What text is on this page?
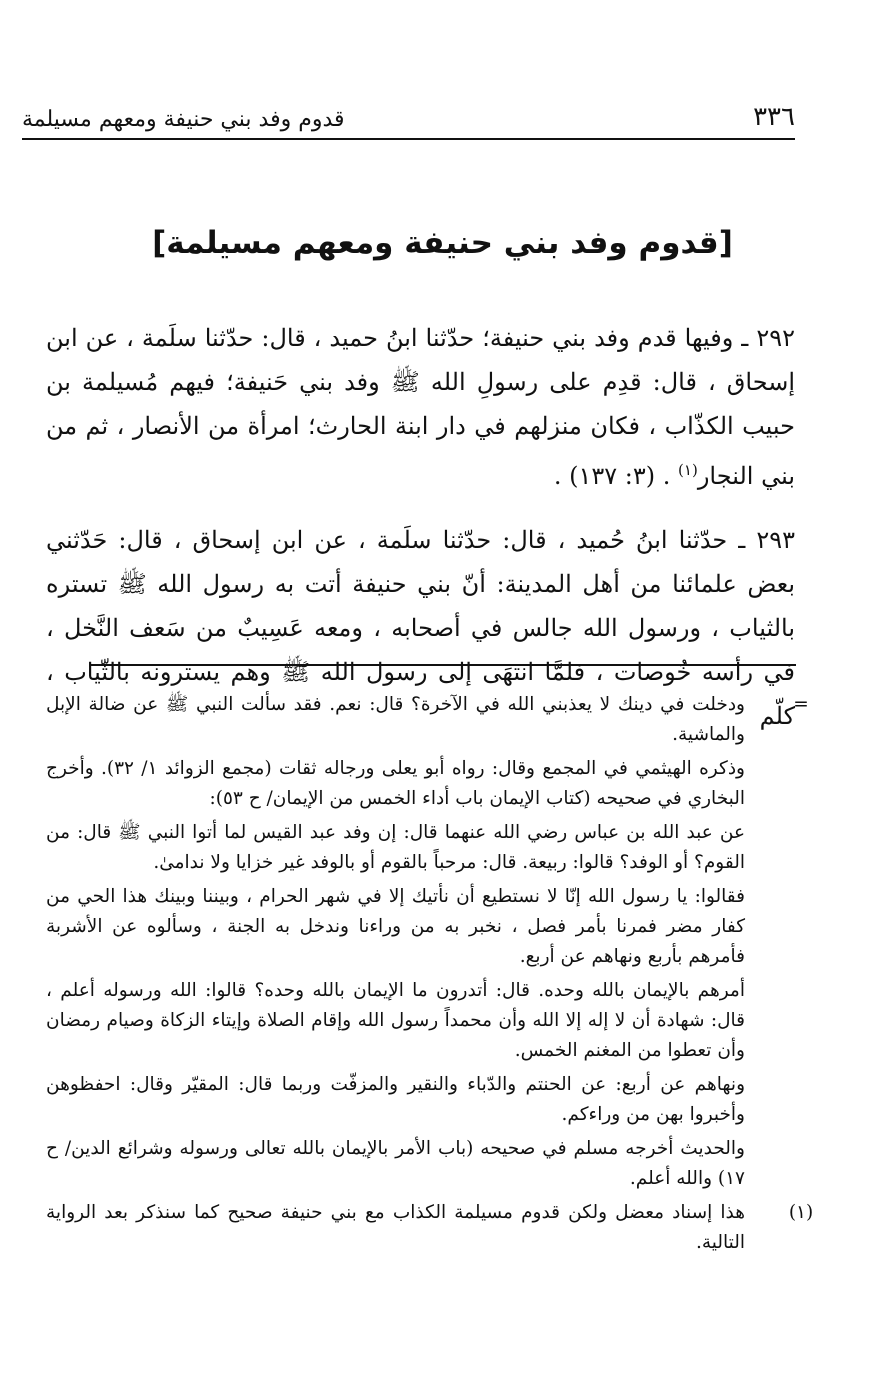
٣٣٦
قدوم وفد بني حنيفة ومعهم مسيلمة
[قدوم وفد بني حنيفة ومعهم مسيلمة]

٢٩٢ ـ وفيها قدم وفد بني حنيفة؛ حدّثنا ابنُ حميد ، قال: حدّثنا سلَمة ، عن ابن إسحاق ، قال: قدِم على رسولِ الله ﷺ وفد بني حَنيفة؛ فيهم مُسيلمة بن حبيب الكذّاب ، فكان منزلهم في دار ابنة الحارث؛ امرأة من الأنصار ، ثم من بني النجار$^{(١)}$ . (٣: ١٣٧) .

٢٩٣ ـ حدّثنا ابنُ حُميد ، قال: حدّثنا سلَمة ، عن ابن إسحاق ، قال: حَدّثني بعض علمائنا من أهل المدينة: أنّ بني حنيفة أتت به رسول الله ﷺ تستره بالثياب ، ورسول الله جالس في أصحابه ، ومعه عَسِيبٌ من سَعف النَّخل ، في رأسه خُوصات ، فلمَّا انتهَى إلى رسول الله ﷺ وهم يسترونه بالثّياب ، كلّم

=

ودخلت في دينك لا يعذبني الله في الآخرة؟ قال: نعم. فقد سألت النبي ﷺ عن ضالة الإبل والماشية.

وذكره الهيثمي في المجمع وقال: رواه أبو يعلى ورجاله ثقات (مجمع الزوائد ١/ ٣٢). وأخرج البخاري في صحيحه (كتاب الإيمان باب أداء الخمس من الإيمان/ ح ٥٣):

عن عبد الله بن عباس رضي الله عنهما قال: إن وفد عبد القيس لما أتوا النبي ﷺ قال: من القوم؟ أو الوفد؟ قالوا: ربيعة. قال: مرحباً بالقوم أو بالوفد غير خزايا ولا ندامىٰ.

فقالوا: يا رسول الله إنّا لا نستطيع أن نأتيك إلا في شهر الحرام ، وبيننا وبينك هذا الحي من كفار مضر فمرنا بأمر فصل ، نخبر به من وراءنا وندخل به الجنة ، وسألوه عن الأشربة فأمرهم بأربع ونهاهم عن أربع.

أمرهم بالإيمان بالله وحده. قال: أتدرون ما الإيمان بالله وحده؟ قالوا: الله ورسوله أعلم ، قال: شهادة أن لا إله إلا الله وأن محمداً رسول الله وإقام الصلاة وإيتاء الزكاة وصيام رمضان وأن تعطوا من المغنم الخمس.

ونهاهم عن أربع: عن الحنتم والدّباء والنقير والمزفّت وربما قال: المقيّر وقال: احفظوهن وأخبروا بهن من وراءكم.

والحديث أخرجه مسلم في صحيحه (باب الأمر بالإيمان بالله تعالى ورسوله وشرائع الدين/ ح ١٧) والله أعلم.

(١)

هذا إسناد معضل ولكن قدوم مسيلمة الكذاب مع بني حنيفة صحيح كما سنذكر بعد الرواية التالية.
